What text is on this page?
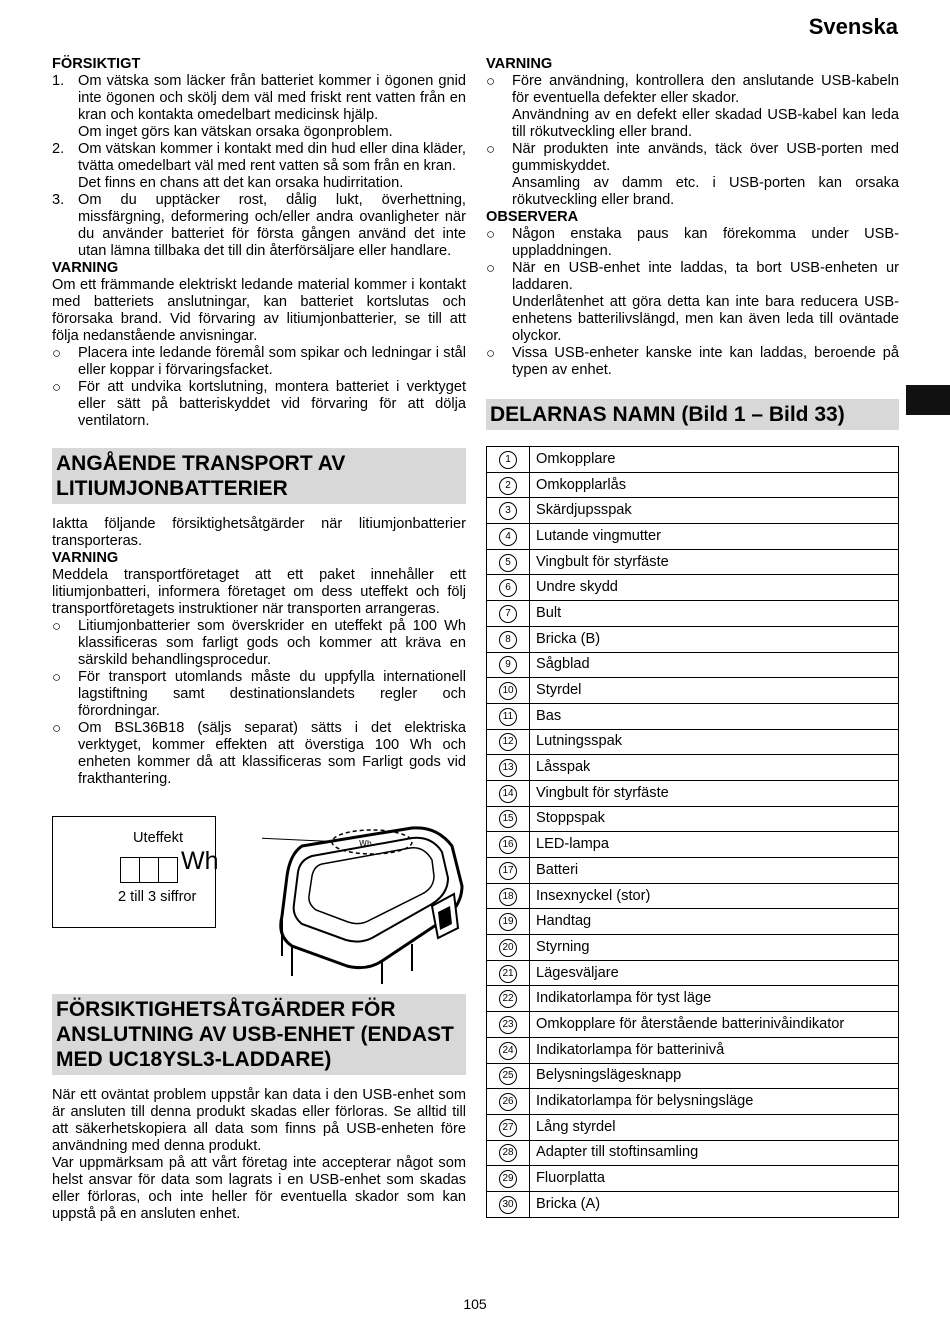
Svenska
FÖRSIKTIGT
1. Om vätska som läcker från batteriet kommer i ögonen gnid inte ögonen och skölj dem väl med friskt rent vatten från en kran och kontakta omedelbart medicinsk hjälp.
Om inget görs kan vätskan orsaka ögonproblem.
2. Om vätskan kommer i kontakt med din hud eller dina kläder, tvätta omedelbart väl med rent vatten så som från en kran.
Det finns en chans att det kan orsaka hudirritation.
3. Om du upptäcker rost, dålig lukt, överhettning, missfärgning, deformering och/eller andra ovanligheter när du använder batteriet för första gången använd det inte utan lämna tillbaka det till din återförsäljare eller handlare.
VARNING

Om ett främmande elektriskt ledande material kommer i kontakt med batteriets anslutningar, kan batteriet kortslutas och förorsaka brand. Vid förvaring av litiumjonbatterier, se till att följa nedanstående anvisningar.

○	Placera inte ledande föremål som spikar och ledningar i stål eller koppar i förvaringsfacket.
○	För att undvika kortslutning, montera batteriet i verktyget eller sätt på batteriskyddet vid förvaring för att dölja ventilatorn.
ANGÅENDE TRANSPORT AV LITIUMJONBATTERIER

Iaktta följande försiktighetsåtgärder när litiumjonbatterier transporteras.

VARNING

Meddela transportföretaget att ett paket innehåller ett litiumjonbatteri, informera företaget om dess uteffekt och följ transportföretagets instruktioner när transporten arrangeras.

○	Litiumjonbatterier som överskrider en uteffekt på 100 Wh klassificeras som farligt gods och kommer att kräva en särskild behandlingsprocedur.
○	För transport utomlands måste du uppfylla internationell lagstiftning samt destinationslandets regler och förordningar.
○	Om BSL36B18 (säljs separat) sätts i det elektriska verktyget, kommer effekten att överstiga 100 Wh och enheten kommer då att klassificeras som Farligt gods vid frakthantering.
Uteffekt
Wh
2 till 3 siffror
Wh
FÖRSIKTIGHETSÅTGÄRDER FÖR ANSLUTNING AV USB-ENHET (ENDAST MED UC18YSL3-LADDARE)

När ett oväntat problem uppstår kan data i den USB-enhet som är ansluten till denna produkt skadas eller förloras. Se alltid till att säkerhetskopiera all data som finns på USB-enheten före användning med denna produkt.

Var uppmärksam på att vårt företag inte accepterar något som helst ansvar för data som lagrats i en USB-enhet som skadas eller förloras, och inte heller för eventuella skador som kan uppstå på en ansluten enhet.

VARNING
○	Före användning, kontrollera den anslutande USB-kabeln för eventuella defekter eller skador.
Användning av en defekt eller skadad USB-kabel kan leda till rökutveckling eller brand.
○	När produkten inte används, täck över USB-porten med gummiskyddet.
Ansamling av damm etc. i USB-porten kan orsaka rökutveckling eller brand.
OBSERVERA
○	Någon enstaka paus kan förekomma under USB-uppladdningen.
○	När en USB-enhet inte laddas, ta bort USB-enheten ur laddaren.
Underlåtenhet att göra detta kan inte bara reducera USB-enhetens batterilivslängd, men kan även leda till oväntade olyckor.
○	Vissa USB-enheter kanske inte kan laddas, beroende på typen av enhet.
DELARNAS NAMN (Bild 1 – Bild 33)
1	Omkopplare
2	Omkopplarlås
3	Skärdjupsspak
4	Lutande vingmutter
5	Vingbult för styrfäste
6	Undre skydd
7	Bult
8	Bricka (B)
9	Sågblad
10	Styrdel
11	Bas
12	Lutningsspak
13	Låsspak
14	Vingbult för styrfäste
15	Stoppspak
16	LED-lampa
17	Batteri
18	Insexnyckel (stor)
19	Handtag
20	Styrning
21	Lägesväljare
22	Indikatorlampa för tyst läge
23	Omkopplare för återstående batterinivåindikator
24	Indikatorlampa för batterinivå
25	Belysningslägesknapp
26	Indikatorlampa för belysningsläge
27	Lång styrdel
28	Adapter till stoftinsamling
29	Fluorplatta
30	Bricka (A)
105
